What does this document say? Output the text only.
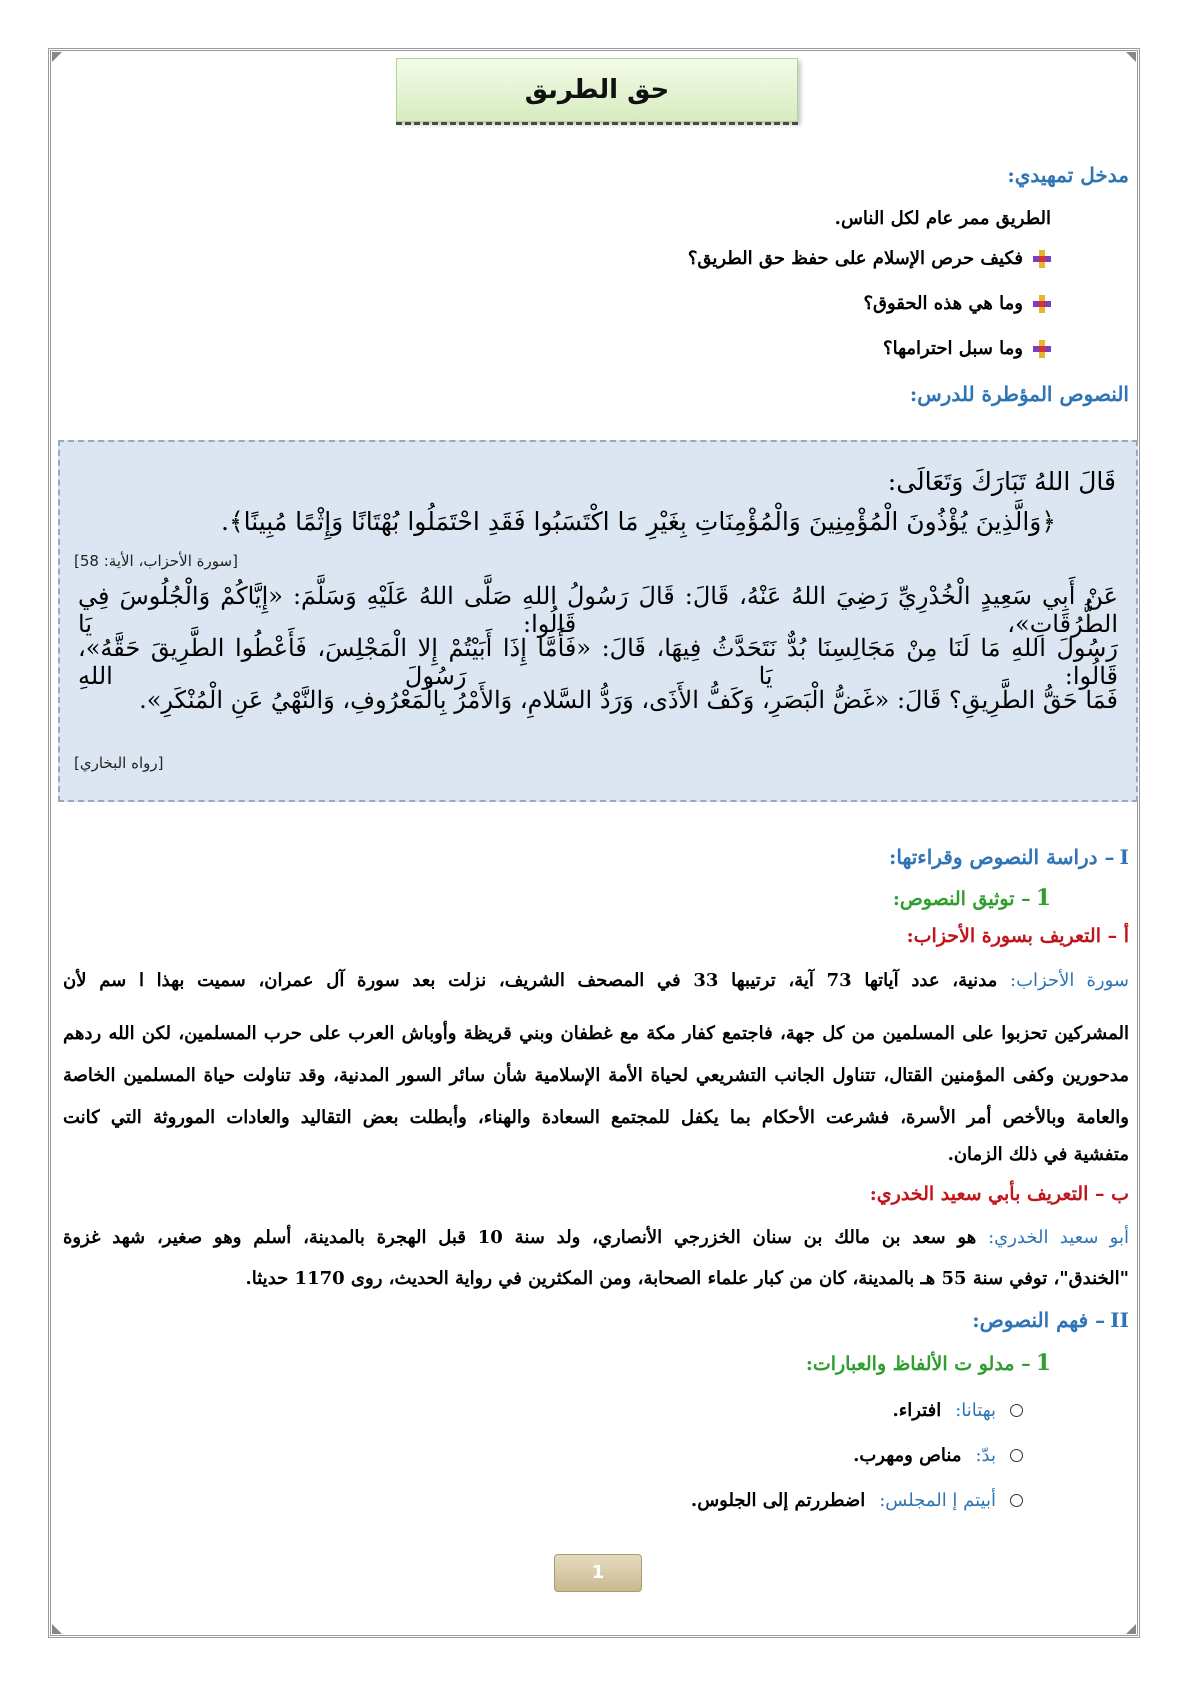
حق الطرىق
مدخل تمهيدي:
الطريق ممر عام لكل الناس.
فكيف حرص الإسلام على حفظ حق الطريق؟
وما هي هذه الحقوق؟
وما سبل احترامها؟
النصوص المؤطرة للدرس:
قَالَ اللهُ تَبَارَكَ وَتَعَالَى:
﴿وَالَّذِينَ يُؤْذُونَ الْمُؤْمِنِينَ وَالْمُؤْمِنَاتِ بِغَيْرِ مَا اكْتَسَبُوا فَقَدِ احْتَمَلُوا بُهْتَانًا وَإِثْمًا مُبِينًا﴾.
[سورة الأحزاب، الأية: 58]
عَنْ أَبِي سَعِيدٍ الْخُدْرِيِّ رَضِيَ اللهُ عَنْهُ، قَالَ: قَالَ رَسُولُ اللهِ صَلَّى اللهُ عَلَيْهِ وَسَلَّمَ: «إِيَّاكُمْ وَالْجُلُوسَ فِي الطُّرُقَاتِ»، قَالُوا: يَا
رَسُولَ اللهِ مَا لَنَا مِنْ مَجَالِسِنَا بُدٌّ نَتَحَدَّثُ فِيهَا، قَالَ: «فَأَمَّا إِذَا أَبَيْتُمْ إِلا الْمَجْلِسَ، فَأَعْطُوا الطَّرِيقَ حَقَّهُ»، قَالُوا: يَا رَسُولَ اللهِ
فَمَا حَقُّ الطَّرِيقِ؟ قَالَ: «غَضُّ الْبَصَرِ، وَكَفُّ الأَذَى، وَرَدُّ السَّلامِ، وَالأَمْرُ بِالْمَعْرُوفِ، وَالنَّهْيُ عَنِ الْمُنْكَرِ».
[رواه البخاري]
I – دراسة النصوص وقراءتها:
1 – توثيق النصوص:
أ – التعريف بسورة الأحزاب:
سورة الأحزاب: مدنية، عدد آياتها 73 آية، ترتيبها 33 في المصحف الشريف، نزلت بعد سورة آل عمران، سميت بهذا ا سم لأن
المشركين تحزبوا على المسلمين من كل جهة، فاجتمع كفار مكة مع غطفان وبني قريظة وأوباش العرب على حرب المسلمين، لكن الله ردهم
مدحورين وكفى المؤمنين القتال، تتناول الجانب التشريعي لحياة الأمة الإسلامية شأن سائر السور المدنية، وقد تناولت حياة المسلمين الخاصة
والعامة وبالأخص أمر الأسرة، فشرعت الأحكام بما يكفل للمجتمع السعادة والهناء، وأبطلت بعض التقاليد والعادات الموروثة التي كانت
متفشية في ذلك الزمان.
ب – التعريف بأبي سعيد الخدري:
أبو سعيد الخدري: هو سعد بن مالك بن سنان الخزرجي الأنصاري، ولد سنة 10 قبل الهجرة بالمدينة، أسلم وهو صغير، شهد غزوة
"الخندق"، توفي سنة 55 هـ بالمدينة، كان من كبار علماء الصحابة، ومن المكثرين في رواية الحديث، روى 1170 حديثا.
II – فهم النصوص:
1 – مدلو ت الألفاظ والعبارات:
بهتانا:
افتراء.
بدّ:
مناص ومهرب.
أبيتم إ المجلس:
اضطررتم إلى الجلوس.
1
